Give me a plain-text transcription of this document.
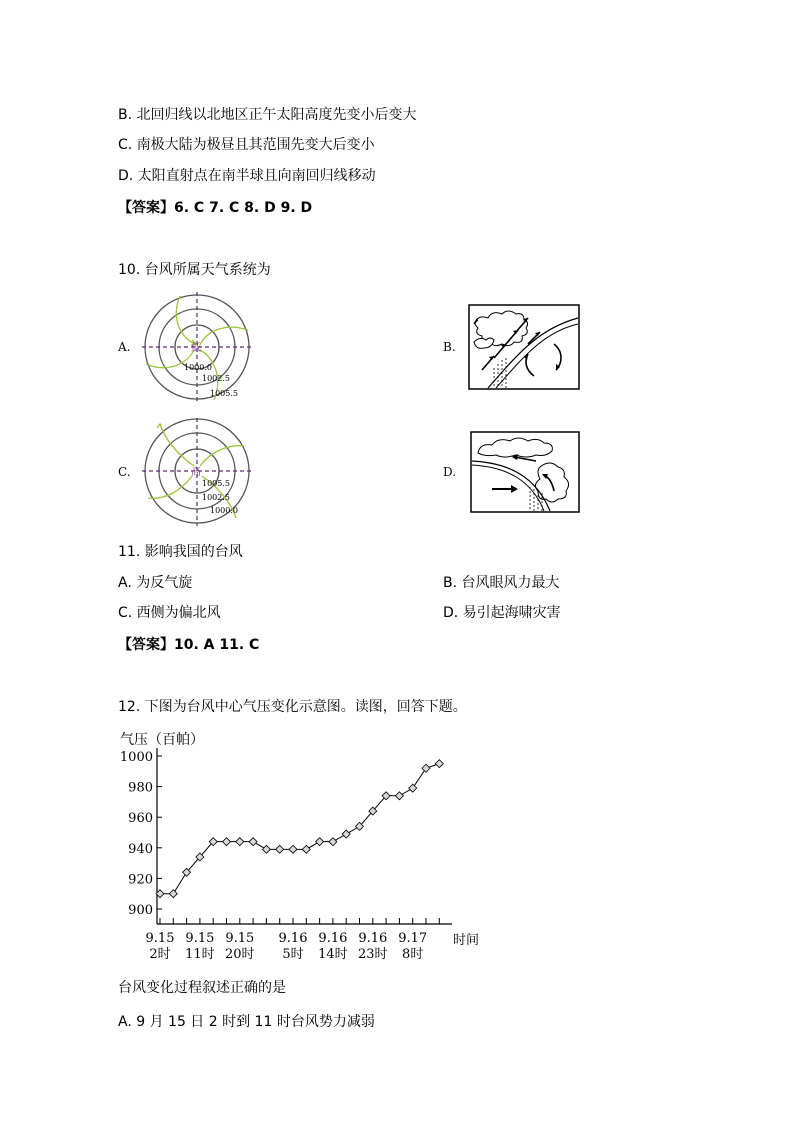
B. 北回归线以北地区正午太阳高度先变小后变大
C. 南极大陆为极昼且其范围先变大后变小
D. 太阳直射点在南半球且向南回归线移动
【答案】6. C 7. C 8. D 9. D
10. 台风所属天气系统为
A.	B.
C.	D.
低
1000.0
1002.5
1005.5
高
1005.5
1002.5
1000.0
11. 影响我国的台风
A. 为反气旋	B. 台风眼风力最大
C. 西侧为偏北风	D. 易引起海啸灾害
【答案】10. A 11. C
12. 下图为台风中心气压变化示意图。读图，回答下题。
气压（百帕）
900
920
940
960
980
1000
9.15
2时
9.15
11时
9.15
20时
9.16
5时
9.16
14时
9.16
23时
9.17
8时
时间
台风变化过程叙述正确的是
A. 9 月 15 日 2 时到 11 时台风势力减弱
